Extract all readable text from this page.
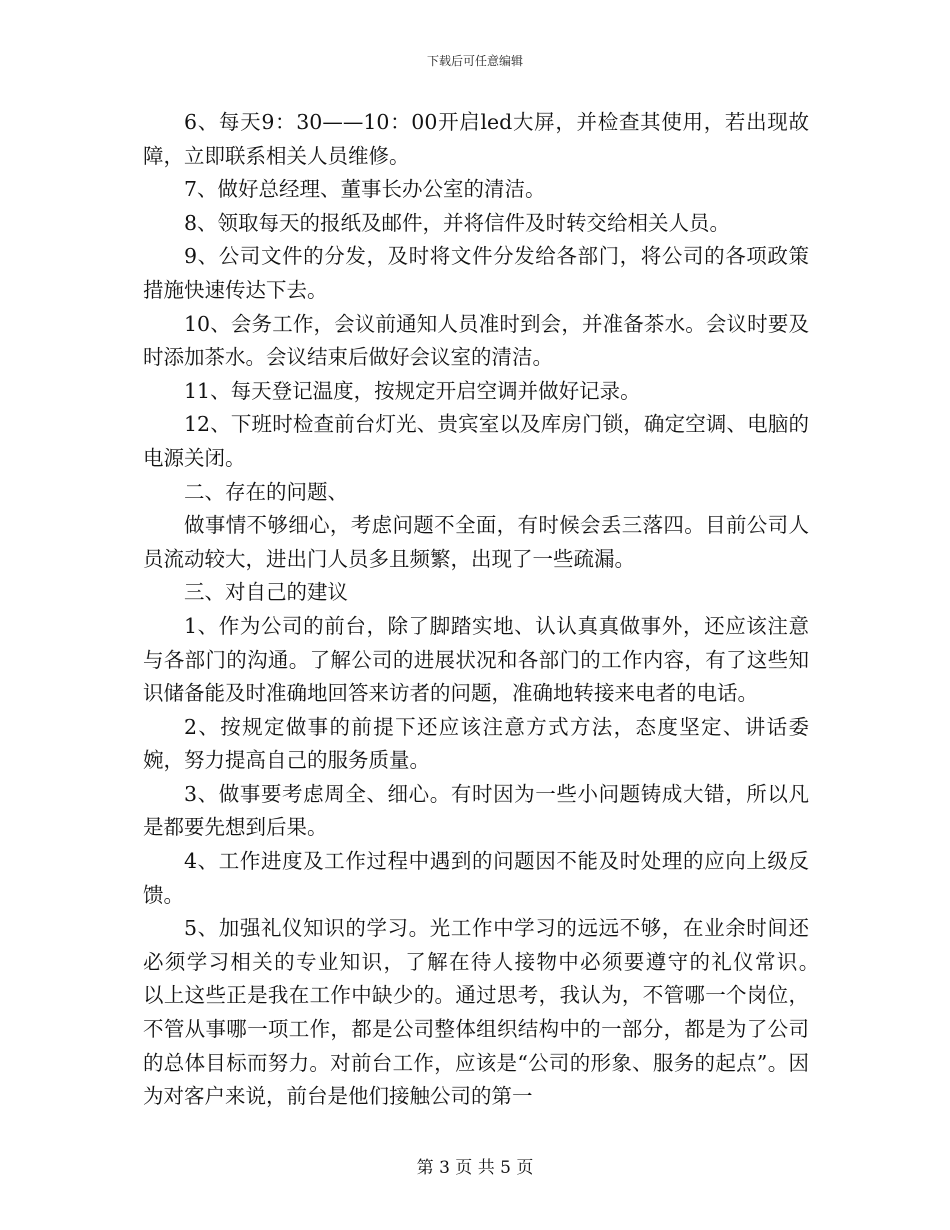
下载后可任意编辑

6、每天9：30——10：00开启led大屏，并检查其使用，若出现故障，立即联系相关人员维修。

7、做好总经理、董事长办公室的清洁。

8、领取每天的报纸及邮件，并将信件及时转交给相关人员。

9、公司文件的分发，及时将文件分发给各部门，将公司的各项政策措施快速传达下去。

10、会务工作，会议前通知人员准时到会，并准备茶水。会议时要及时添加茶水。会议结束后做好会议室的清洁。

11、每天登记温度，按规定开启空调并做好记录。

12、下班时检查前台灯光、贵宾室以及库房门锁，确定空调、电脑的电源关闭。

二、存在的问题、

做事情不够细心，考虑问题不全面，有时候会丢三落四。目前公司人员流动较大，进出门人员多且频繁，出现了一些疏漏。

三、对自己的建议

1、作为公司的前台，除了脚踏实地、认认真真做事外，还应该注意与各部门的沟通。了解公司的进展状况和各部门的工作内容，有了这些知识储备能及时准确地回答来访者的问题，准确地转接来电者的电话。

2、按规定做事的前提下还应该注意方式方法，态度坚定、讲话委婉，努力提高自己的服务质量。

3、做事要考虑周全、细心。有时因为一些小问题铸成大错，所以凡是都要先想到后果。

4、工作进度及工作过程中遇到的问题因不能及时处理的应向上级反馈。

5、加强礼仪知识的学习。光工作中学习的远远不够，在业余时间还必须学习相关的专业知识，了解在待人接物中必须要遵守的礼仪常识。　　　以上这些正是我在工作中缺少的。通过思考，我认为，不管哪一个岗位，不管从事哪一项工作，都是公司整体组织结构中的一部分，都是为了公司的总体目标而努力。对前台工作，应该是“公司的形象、服务的起点”。因为对客户来说，前台是他们接触公司的第一

第 3 页 共 5 页
